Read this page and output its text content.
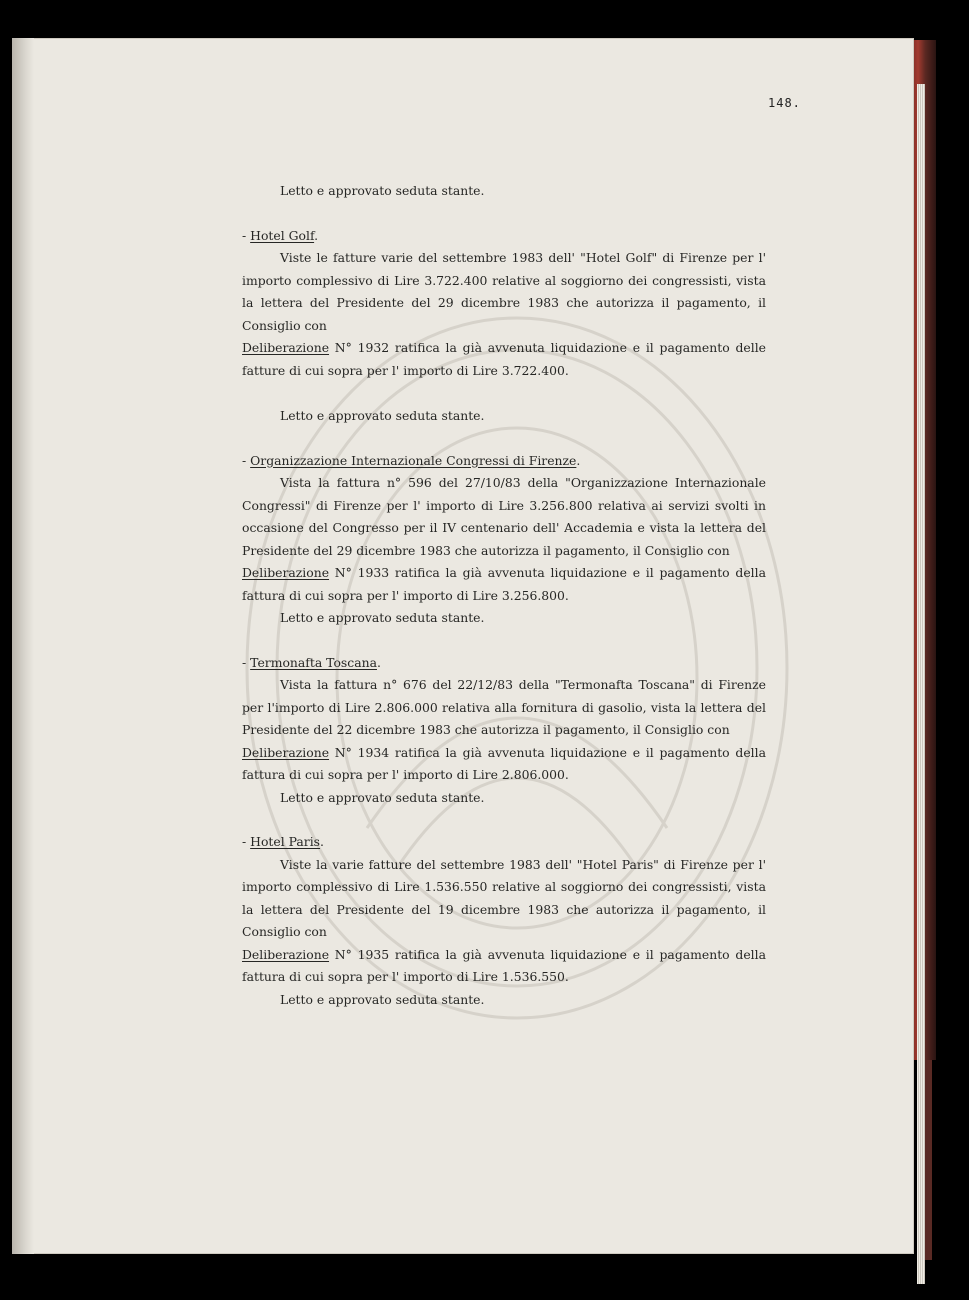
148.

Letto e approvato seduta stante.

- Hotel Golf.

Viste le fatture varie del settembre 1983 dell' "Hotel Golf" di Firenze per l' importo complessivo di Lire 3.722.400 relative al soggiorno dei congressisti, vista la lettera del Presidente del 29 dicembre 1983 che autorizza il pagamento, il Consiglio con

Deliberazione N° 1932 ratifica la già avvenuta liquidazione e il pagamento delle fatture di cui sopra per l' importo di Lire 3.722.400.

Letto e approvato seduta stante.

- Organizzazione Internazionale Congressi di Firenze.

Vista la fattura n° 596 del 27/10/83 della "Organizzazione Internazionale Congressi" di Firenze per l' importo di Lire 3.256.800 relativa ai servizi svolti in occasione del Congresso per il IV centenario dell' Accademia e vista la lettera del Presidente del 29 dicembre 1983 che autorizza il pagamento, il Consiglio con

Deliberazione N° 1933 ratifica la già avvenuta liquidazione e il pagamento della fattura di cui sopra per l' importo di Lire 3.256.800.

Letto e approvato seduta stante.

- Termonafta Toscana.

Vista la fattura n° 676 del 22/12/83 della "Termonafta Toscana" di Firenze per l'importo di Lire 2.806.000 relativa alla fornitura di gasolio, vista la lettera del Presidente del 22 dicembre 1983 che autorizza il pagamento, il Consiglio con

Deliberazione N° 1934 ratifica la già avvenuta liquidazione e il pagamento della fattura di cui sopra per l' importo di Lire 2.806.000.

Letto e approvato seduta stante.

- Hotel Paris.

Viste la varie fatture del settembre 1983 dell' "Hotel Paris" di Firenze per l' importo complessivo di Lire 1.536.550 relative al soggiorno dei congressisti, vista la lettera del Presidente del 19 dicembre 1983 che autorizza il pagamento, il Consiglio con

Deliberazione N° 1935 ratifica la già avvenuta liquidazione e il pagamento della fattura di cui sopra per l' importo di Lire 1.536.550.

Letto e approvato seduta stante.
